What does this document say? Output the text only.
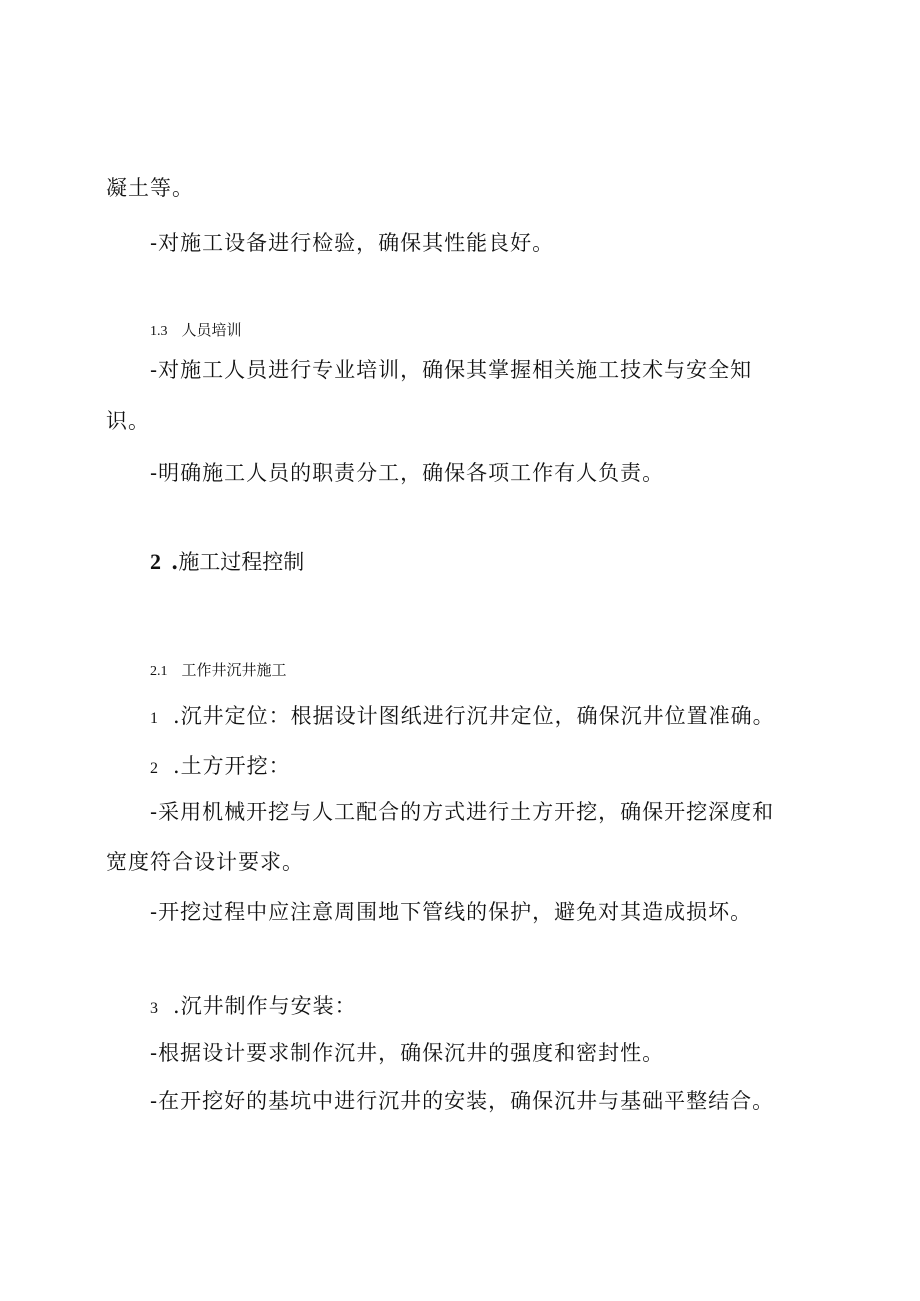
凝土等。
-对施工设备进行检验，确保其性能良好。
1.3 人员培训
-对施工人员进行专业培训，确保其掌握相关施工技术与安全知
识。
-明确施工人员的职责分工，确保各项工作有人负责。
2 .施工过程控制
2.1 工作井沉井施工
1 .沉井定位：根据设计图纸进行沉井定位，确保沉井位置准确。
2 .土方开挖：
-采用机械开挖与人工配合的方式进行土方开挖，确保开挖深度和
宽度符合设计要求。
-开挖过程中应注意周围地下管线的保护，避免对其造成损坏。
3 .沉井制作与安装：
-根据设计要求制作沉井，确保沉井的强度和密封性。
-在开挖好的基坑中进行沉井的安装，确保沉井与基础平整结合。
